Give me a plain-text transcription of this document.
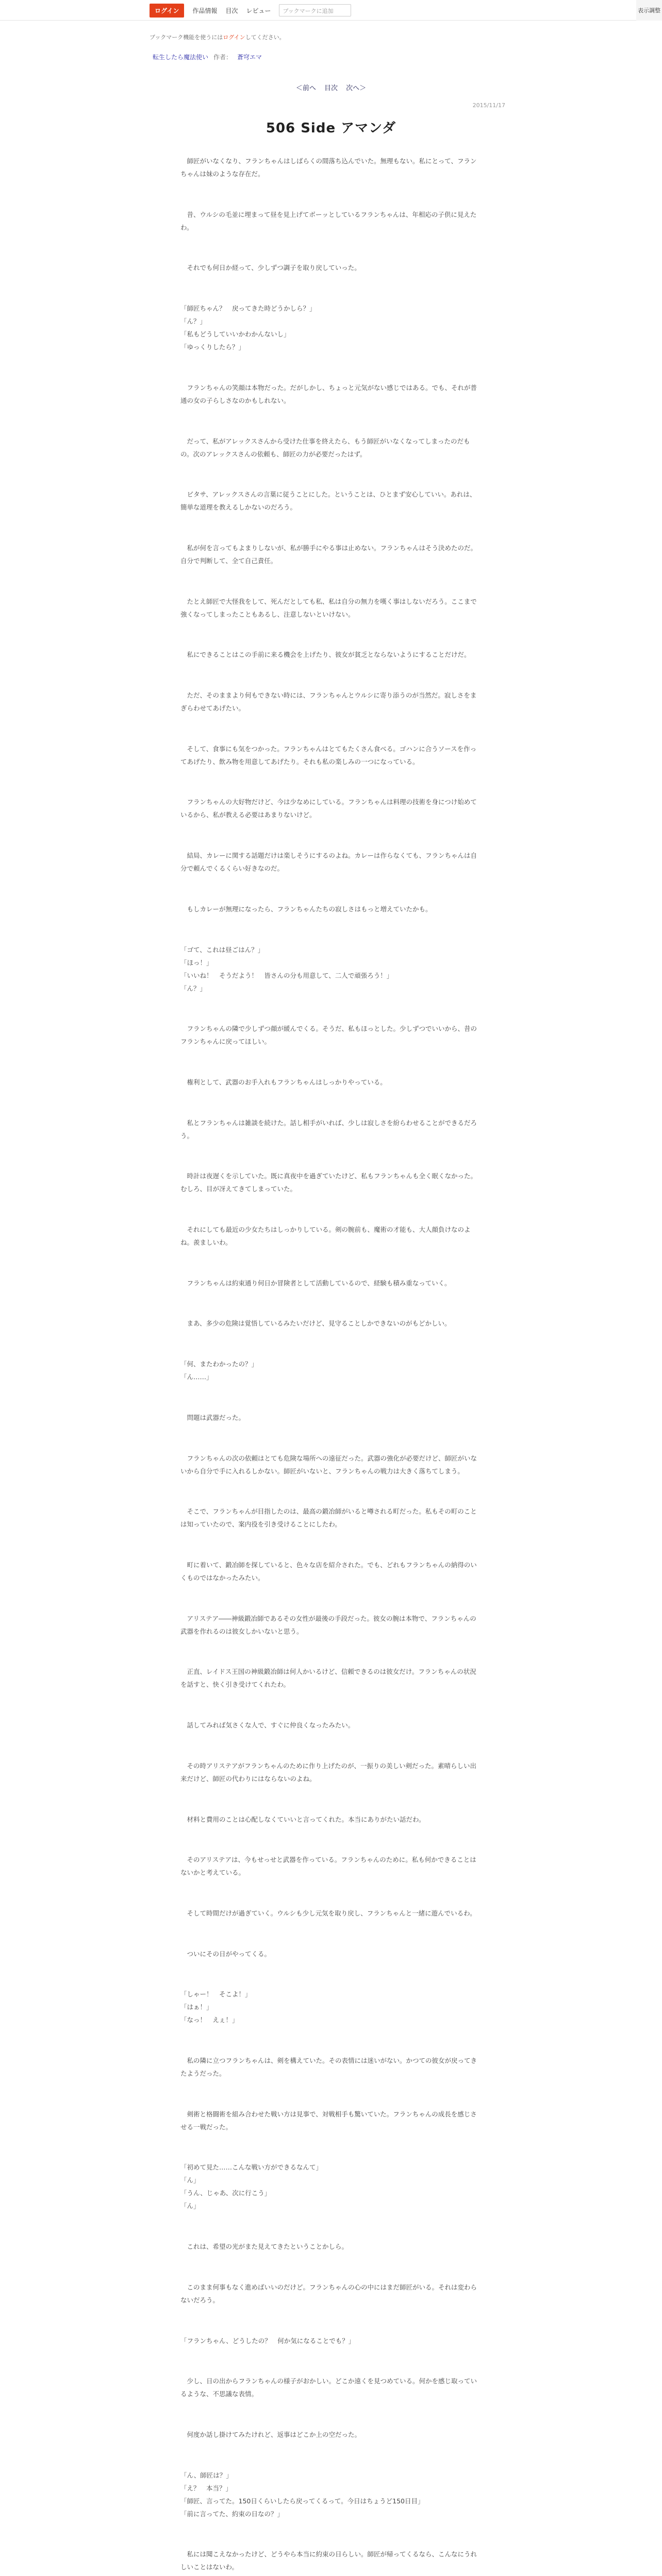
ログイン	作品情報 目次 レビュー	ブックマークに追加	表示調整
ブックマーク機能を使うにはログインしてください。
転生したら魔法使い 作者： 蒼穹エマ
＜前へ 目次 次へ＞
2015/11/17
506 Side アマンダ
　師匠がいなくなり、フランちゃんはしばらくの間落ち込んでいた。無理もない。私にとって、フランちゃんは妹のような存在だ。
　昔、ウルシの毛並に埋まって昼を見上げてボーッとしているフランちゃんは、年相応の子供に見えたわ。
　それでも何日か経って、少しずつ調子を取り戻していった。
「師匠ちゃん？　戻ってきた時どうかしら？」
「ん？」
「私もどうしていいかわかんないし」
「ゆっくりしたら？」
　フランちゃんの笑顔は本物だった。だがしかし、ちょっと元気がない感じではある。でも、それが普通の女の子らしさなのかもしれない。
　だって、私がアレックスさんから受けた仕事を終えたら、もう師匠がいなくなってしまったのだもの。次のアレックスさんの依頼も、師匠の力が必要だったはず。
　ビタサ、アレックスさんの言葉に従うことにした。ということは、ひとまず安心していい。あれは、簡単な道理を教えるしかないのだろう。
　私が何を言ってもよまりしないが、私が勝手にやる事は止めない。フランちゃんはそう決めたのだ。自分で判断して、全て自己責任。
　たとえ師匠で大怪我をして、死んだとしても私、私は自分の無力を嘆く事はしないだろう。ここまで強くなってしまったこともあるし、注意しないといけない。
　私にできることはこの手前に来る機会を上げたり、彼女が貧乏とならないようにすることだけだ。
　ただ、そのままより何もできない時には、フランちゃんとウルシに寄り添うのが当然だ。寂しさをまぎらわせてあげたい。
　そして、食事にも気をつかった。フランちゃんはとてもたくさん食べる。ゴハンに合うソースを作ってあげたり、飲み物を用意してあげたり。それも私の楽しみの一つになっている。
　フランちゃんの大好物だけど、今は少なめにしている。フランちゃんは料理の技術を身につけ始めているから、私が教える必要はあまりないけど。
　結局、カレーに関する話題だけは楽しそうにするのよね。カレーは作らなくても、フランちゃんは自分で頼んでくるくらい好きなのだ。
　もしカレーが無理になったら、フランちゃんたちの寂しさはもっと増えていたかも。
「ゴて、これは昼ごはん？」
「ほっ！」
「いいね！　そうだよう！　皆さんの分も用意して、二人で頑張ろう！」
「ん？」
　フランちゃんの隣で少しずつ顔が緩んでくる。そうだ、私もほっとした。少しずつでいいから、昔のフランちゃんに戻ってほしい。
　権利として、武器のお手入れもフランちゃんはしっかりやっている。
　私とフランちゃんは雑談を続けた。話し相手がいれば、少しは寂しさを紛らわせることができるだろう。
　時計は夜遅くを示していた。既に真夜中を過ぎていたけど、私もフランちゃんも全く眠くなかった。むしろ、目が冴えてきてしまっていた。
　それにしても最近の少女たちはしっかりしている。剣の腕前も、魔術の才能も、大人顔負けなのよね。羨ましいわ。
　フランちゃんは約束通り何日か冒険者として活動しているので、経験も積み重なっていく。
　まあ、多少の危険は覚悟しているみたいだけど、見守ることしかできないのがもどかしい。
「何、またわかったの？」
「ん……」
　問題は武器だった。
　フランちゃんの次の依頼はとても危険な場所への遠征だった。武器の強化が必要だけど、師匠がいないから自分で手に入れるしかない。師匠がいないと、フランちゃんの戦力は大きく落ちてしまう。
　そこで、フランちゃんが目指したのは、最高の鍛冶師がいると噂される町だった。私もその町のことは知っていたので、案内役を引き受けることにしたわ。
　町に着いて、鍛冶師を探していると、色々な店を紹介された。でも、どれもフランちゃんの納得のいくものではなかったみたい。
　アリステア――神級鍛冶師であるその女性が最後の手段だった。彼女の腕は本物で、フランちゃんの武器を作れるのは彼女しかいないと思う。
　正直、レイドス王国の神級鍛冶師は何人かいるけど、信頼できるのは彼女だけ。フランちゃんの状況を話すと、快く引き受けてくれたわ。
　話してみれば気さくな人で、すぐに仲良くなったみたい。
　その時アリステアがフランちゃんのために作り上げたのが、一振りの美しい剣だった。素晴らしい出来だけど、師匠の代わりにはならないのよね。
　材料と費用のことは心配しなくていいと言ってくれた。本当にありがたい話だわ。
　そのアリステアは、今もせっせと武器を作っている。フランちゃんのために。私も何かできることはないかと考えている。
　そして時間だけが過ぎていく。ウルシも少し元気を取り戻し、フランちゃんと一緒に遊んでいるわ。
　ついにその日がやってくる。
「しゃー！　そこよ！」
「はぁ！」
「なっ！　えぇ！」
　私の隣に立つフランちゃんは、剣を構えていた。その表情には迷いがない。かつての彼女が戻ってきたようだった。
　剣術と格闘術を組み合わせた戦い方は見事で、対戦相手も驚いていた。フランちゃんの成長を感じさせる一戦だった。
「初めて見た……こんな戦い方ができるなんて」
「ん」
「うん、じゃあ、次に行こう」
「ん」
　これは、希望の光がまた見えてきたということかしら。
　このまま何事もなく進めばいいのだけど。フランちゃんの心の中にはまだ師匠がいる。それは変わらないだろう。
「フランちゃん、どうしたの？　何か気になることでも？」
　少し、日の出からフランちゃんの様子がおかしい。どこか遠くを見つめている。何かを感じ取っているような、不思議な表情。
　何度か話し掛けてみたけれど、返事はどこか上の空だった。
「ん、師匠は？」
「え？　本当？」
「師匠、言ってた。150日くらいしたら戻ってくるって。今日はちょうど150日目」
「前に言ってた、約束の日なの？」
　私には聞こえなかったけど、どうやら本当に約束の日らしい。師匠が帰ってくるなら、こんなにうれしいことはないわ。
